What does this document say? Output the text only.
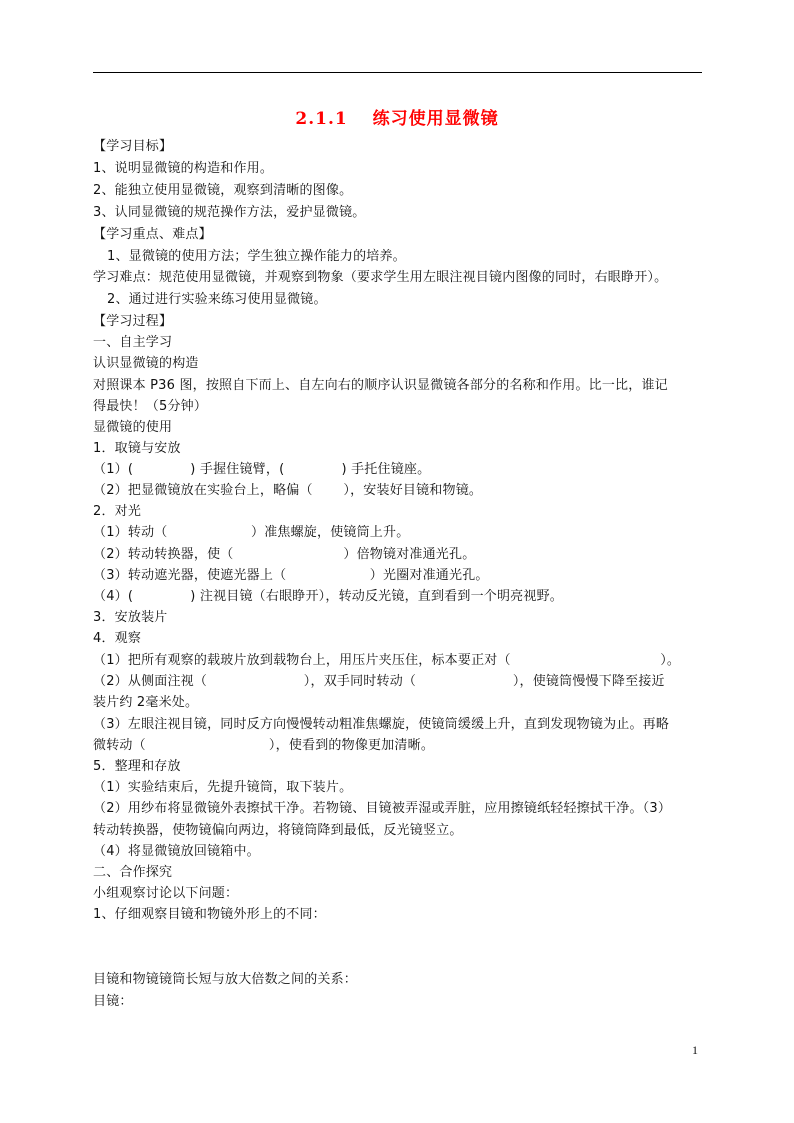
2.1.1　 练习使用显微镜
【学习目标】
1、说明显微镜的构造和作用。
2、能独立使用显微镜，观察到清晰的图像。
3、认同显微镜的规范操作方法，爱护显微镜。
【学习重点、难点】
1、显微镜的使用方法；学生独立操作能力的培养。
学习难点：规范使用显微镜，并观察到物象（要求学生用左眼注视目镜内图像的同时，右眼睁开）。
2、通过进行实验来练习使用显微镜。
【学习过程】
一、自主学习
认识显微镜的构造
对照课本 P36 图，按照自下而上、自左向右的顺序认识显微镜各部分的名称和作用。比一比，谁记
得最快！（5分钟）
显微镜的使用
1．取镜与安放
（1）(　　　　 ) 手握住镜臂，(　　　　 ) 手托住镜座。
（2）把显微镜放在实验台上，略偏（　　 ），安装好目镜和物镜。
2．对光
（1）转动（　　　　　　 ）准焦螺旋，使镜筒上升。
（2）转动转换器，使（　　　　　　　　 ）倍物镜对准通光孔。
（3）转动遮光器，使遮光器上（　　　　　　 ）光圈对准通光孔。
（4）(　　　　 ) 注视目镜（右眼睁开），转动反光镜，直到看到一个明亮视野。
3．安放装片
4．观察
（1）把所有观察的载玻片放到载物台上，用压片夹压住，标本要正对（　　　　　　　　　　　 ）。
（2）从侧面注视（　　　　　　　 ），双手同时转动（　　　　　　　 ），使镜筒慢慢下降至接近
装片约 2毫米处。
（3）左眼注视目镜，同时反方向慢慢转动粗准焦螺旋，使镜筒缓缓上升，直到发现物镜为止。再略
微转动（　　　　　　　　　 ），使看到的物像更加清晰。
5．整理和存放
（1）实验结束后，先提升镜筒，取下装片。
（2）用纱布将显微镜外表擦拭干净。若物镜、目镜被弄湿或弄脏，应用擦镜纸轻轻擦拭干净。（3）
转动转换器，使物镜偏向两边，将镜筒降到最低，反光镜竖立。
（4）将显微镜放回镜箱中。
二、合作探究
小组观察讨论以下问题：
1、仔细观察目镜和物镜外形上的不同：
目镜和物镜镜筒长短与放大倍数之间的关系：
目镜：
1
